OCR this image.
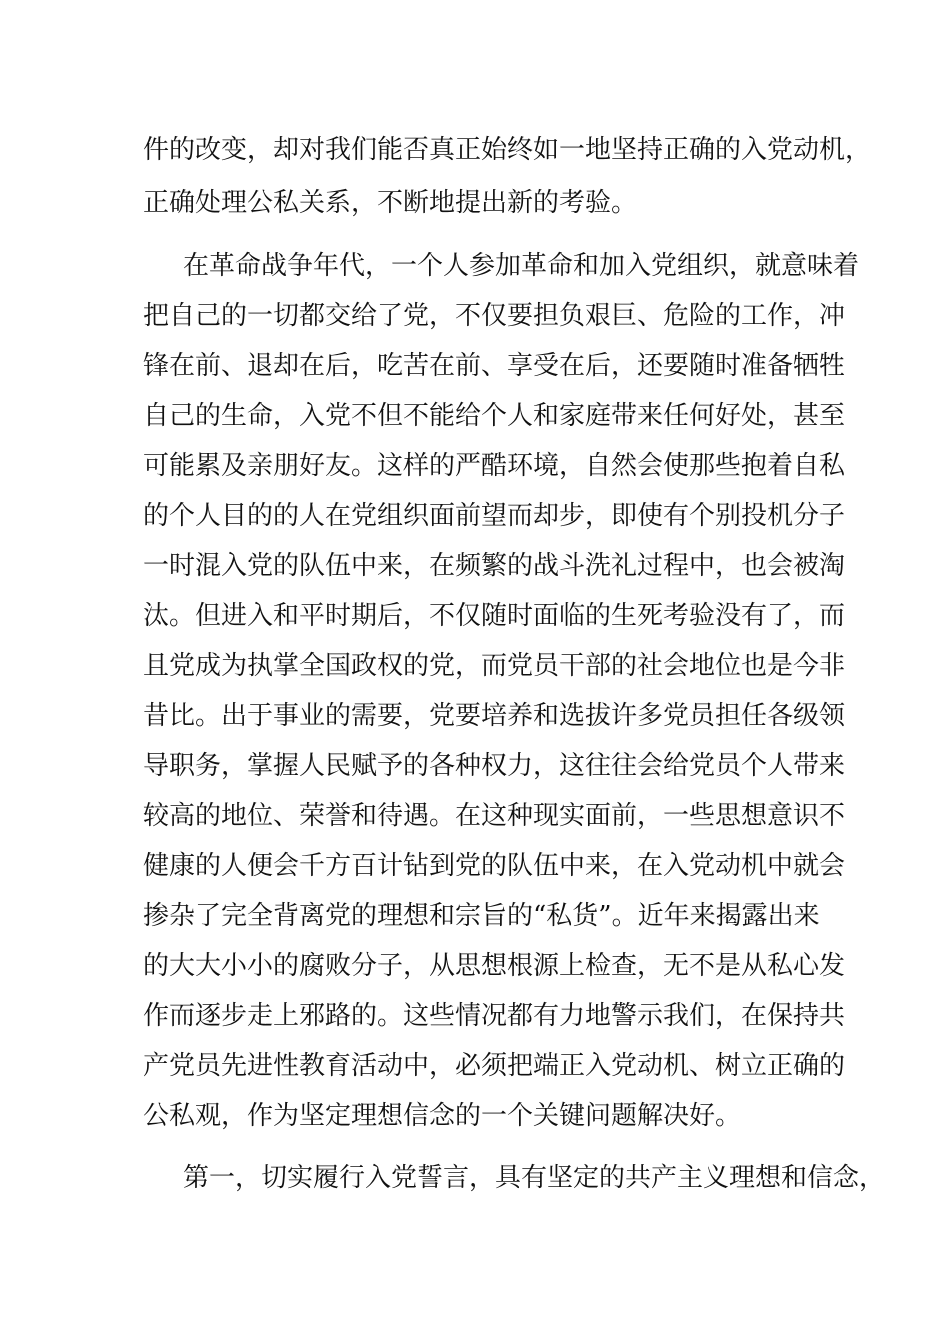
件的改变，却对我们能否真正始终如一地坚持正确的入党动机，
正确处理公私关系，不断地提出新的考验。
在革命战争年代，一个人参加革命和加入党组织，就意味着
把自己的一切都交给了党，不仅要担负艰巨、危险的工作，冲
锋在前、退却在后，吃苦在前、享受在后，还要随时准备牺牲
自己的生命，入党不但不能给个人和家庭带来任何好处，甚至
可能累及亲朋好友。这样的严酷环境，自然会使那些抱着自私
的个人目的的人在党组织面前望而却步，即使有个别投机分子
一时混入党的队伍中来，在频繁的战斗洗礼过程中，也会被淘
汰。但进入和平时期后，不仅随时面临的生死考验没有了，而
且党成为执掌全国政权的党，而党员干部的社会地位也是今非
昔比。出于事业的需要，党要培养和选拔许多党员担任各级领
导职务，掌握人民赋予的各种权力，这往往会给党员个人带来
较高的地位、荣誉和待遇。在这种现实面前，一些思想意识不
健康的人便会千方百计钻到党的队伍中来，在入党动机中就会
掺杂了完全背离党的理想和宗旨的“私货”。近年来揭露出来
的大大小小的腐败分子，从思想根源上检查，无不是从私心发
作而逐步走上邪路的。这些情况都有力地警示我们，在保持共
产党员先进性教育活动中，必须把端正入党动机、树立正确的
公私观，作为坚定理想信念的一个关键问题解决好。
第一，切实履行入党誓言，具有坚定的共产主义理想和信念，
